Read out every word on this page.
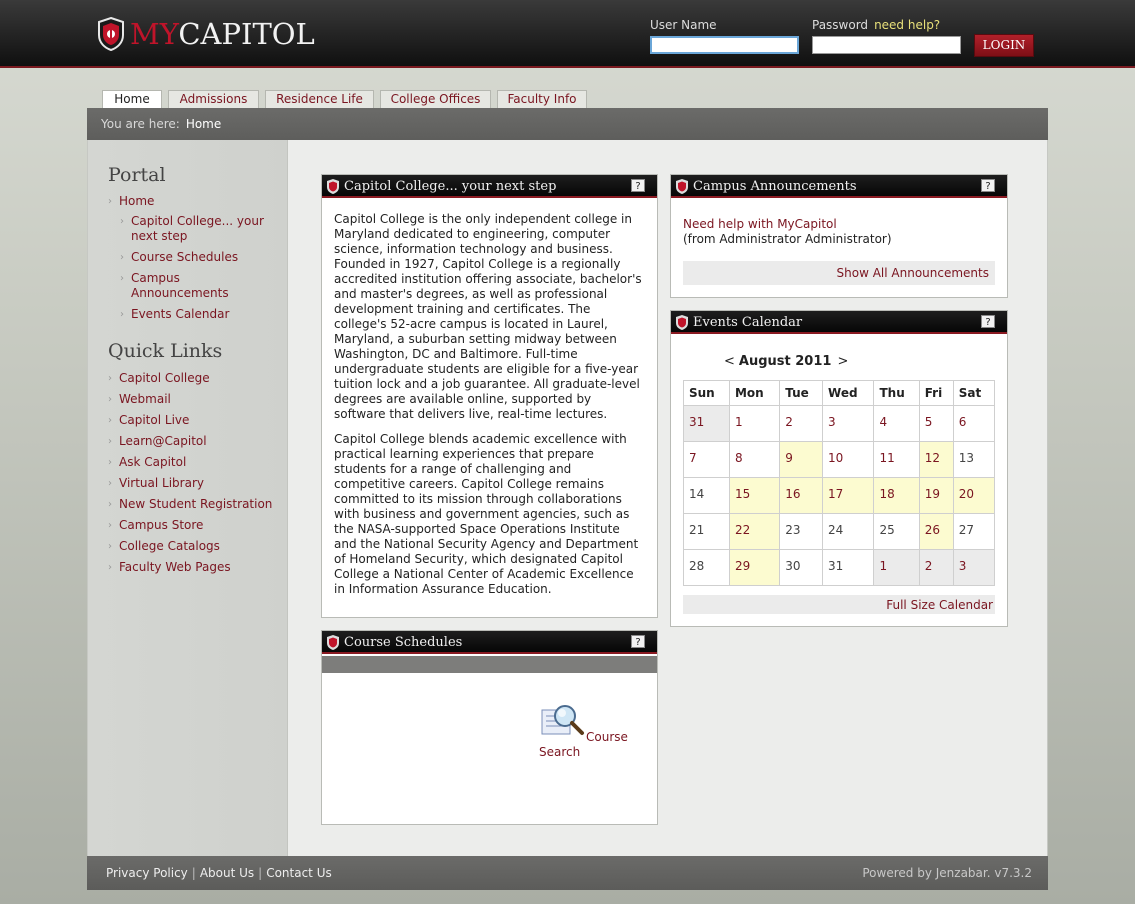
MYCAPITOL	User Name	Password need help?
LOGIN
Home	Admissions	Residence Life	College Offices	Faculty Info
You are here: Home
Portal
› Home
› Capitol College... your next step
› Course Schedules
› Campus Announcements
› Events Calendar
Quick Links
› Capitol College
› Webmail
› Capitol Live
› Learn@Capitol
› Ask Capitol
› Virtual Library
› New Student Registration
› Campus Store
› College Catalogs
› Faculty Web Pages
Capitol College... your next step	?
Capitol College is the only independent college in Maryland dedicated to engineering, computer science, information technology and business. Founded in 1927, Capitol College is a regionally accredited institution offering associate, bachelor's and master's degrees, as well as professional development training and certificates. The college's 52-acre campus is located in Laurel, Maryland, a suburban setting midway between Washington, DC and Baltimore. Full-time undergraduate students are eligible for a five-year tuition lock and a job guarantee. All graduate-level degrees are available online, supported by software that delivers live, real-time lectures.
Capitol College blends academic excellence with practical learning experiences that prepare students for a range of challenging and competitive careers. Capitol College remains committed to its mission through collaborations with business and government agencies, such as the NASA-supported Space Operations Institute and the National Security Agency and Department of Homeland Security, which designated Capitol College a National Center of Academic Excellence in Information Assurance Education.
Course Schedules	?
Course
Search
Campus Announcements	?
Need help with MyCapitol
(from Administrator Administrator)
Show All Announcements
Events Calendar	?
< August 2011 >
Sun	Mon	Tue	Wed	Thu	Fri	Sat
31	1	2	3	4	5	6
7	8	9	10	11	12	13
14	15	16	17	18	19	20
21	22	23	24	25	26	27
28	29	30	31	1	2	3
Full Size Calendar
Privacy Policy | About Us | Contact Us	Powered by Jenzabar. v7.3.2
